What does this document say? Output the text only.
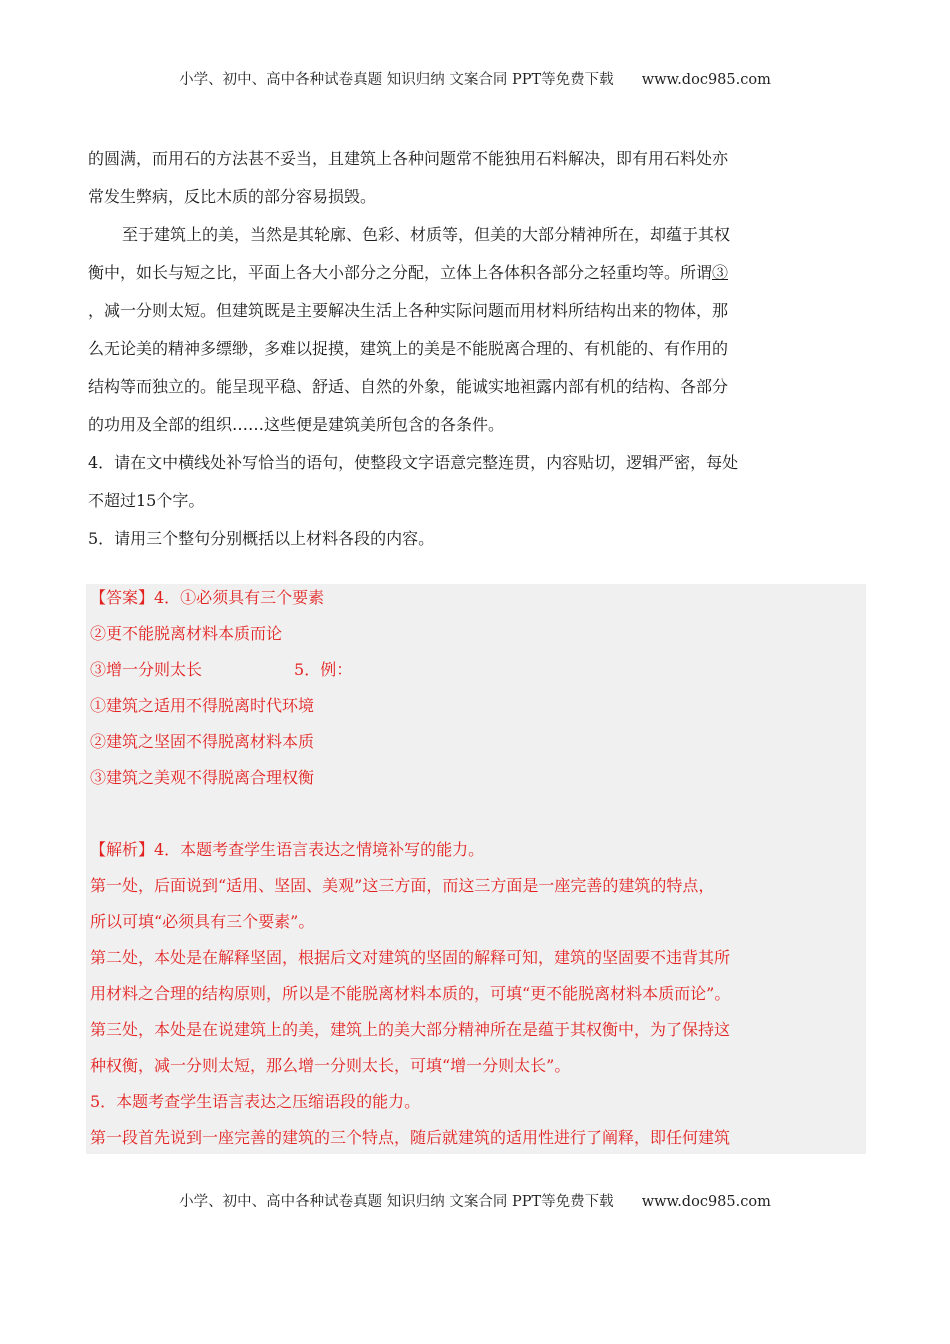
小学、初中、高中各种试卷真题 知识归纳 文案合同 PPT等免费下载 www.doc985.com

的圆满，而用石的方法甚不妥当，且建筑上各种问题常不能独用石料解决，即有用石料处亦

常发生弊病，反比木质的部分容易损毁。

至于建筑上的美，当然是其轮廓、色彩、材质等，但美的大部分精神所在，却蕴于其权

衡中，如长与短之比，平面上各大小部分之分配，立体上各体积各部分之轻重均等。所谓③

，减一分则太短。但建筑既是主要解决生活上各种实际问题而用材料所结构出来的物体，那

么无论美的精神多缥缈，多难以捉摸，建筑上的美是不能脱离合理的、有机能的、有作用的

结构等而独立的。能呈现平稳、舒适、自然的外象，能诚实地袒露内部有机的结构、各部分

的功用及全部的组织……这些便是建筑美所包含的各条件。

4．请在文中横线处补写恰当的语句，使整段文字语意完整连贯，内容贴切，逻辑严密，每处

不超过15个字。

5．请用三个整句分别概括以上材料各段的内容。

【答案】4．①必须具有三个要素

②更不能脱离材料本质而论

③增一分则太长	5．例：

①建筑之适用不得脱离时代环境

②建筑之坚固不得脱离材料本质

③建筑之美观不得脱离合理权衡

【解析】4．本题考查学生语言表达之情境补写的能力。

第一处，后面说到“适用、坚固、美观”这三方面，而这三方面是一座完善的建筑的特点，

所以可填“必须具有三个要素”。

第二处，本处是在解释坚固，根据后文对建筑的坚固的解释可知，建筑的坚固要不违背其所

用材料之合理的结构原则，所以是不能脱离材料本质的，可填“更不能脱离材料本质而论”。

第三处，本处是在说建筑上的美，建筑上的美大部分精神所在是蕴于其权衡中，为了保持这

种权衡，减一分则太短，那么增一分则太长，可填“增一分则太长”。

5．本题考查学生语言表达之压缩语段的能力。

第一段首先说到一座完善的建筑的三个特点，随后就建筑的适用性进行了阐释，即任何建筑

小学、初中、高中各种试卷真题 知识归纳 文案合同 PPT等免费下载 www.doc985.com
